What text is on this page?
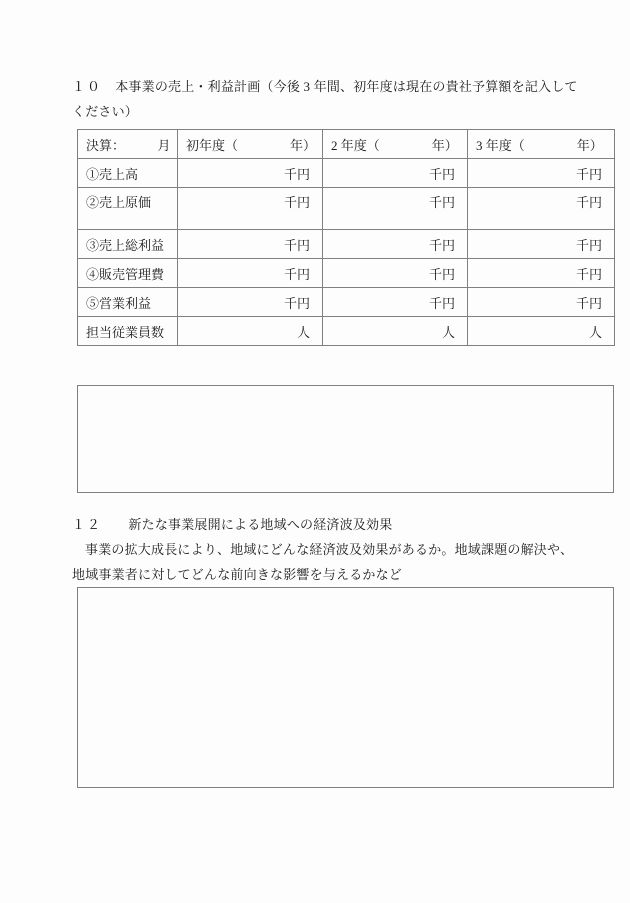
１０　 本事業の売上・利益計画（今後 3 年間、初年度は現在の貴社予算額を記入して
ください）
決算：　　　月	初年度（　　　　年）	2 年度（　　　　年）	3 年度（　　　　年）
①売上高	千円	千円	千円
②売上原価	千円	千円	千円
③売上総利益	千円	千円	千円
④販売管理費	千円	千円	千円
⑤営業利益	千円	千円	千円
担当従業員数	人	人	人

１２　　 新たな事業展開による地域への経済波及効果
事業の拡大成長により、地域にどんな経済波及効果があるか。地域課題の解決や、
地域事業者に対してどんな前向きな影響を与えるかなど
